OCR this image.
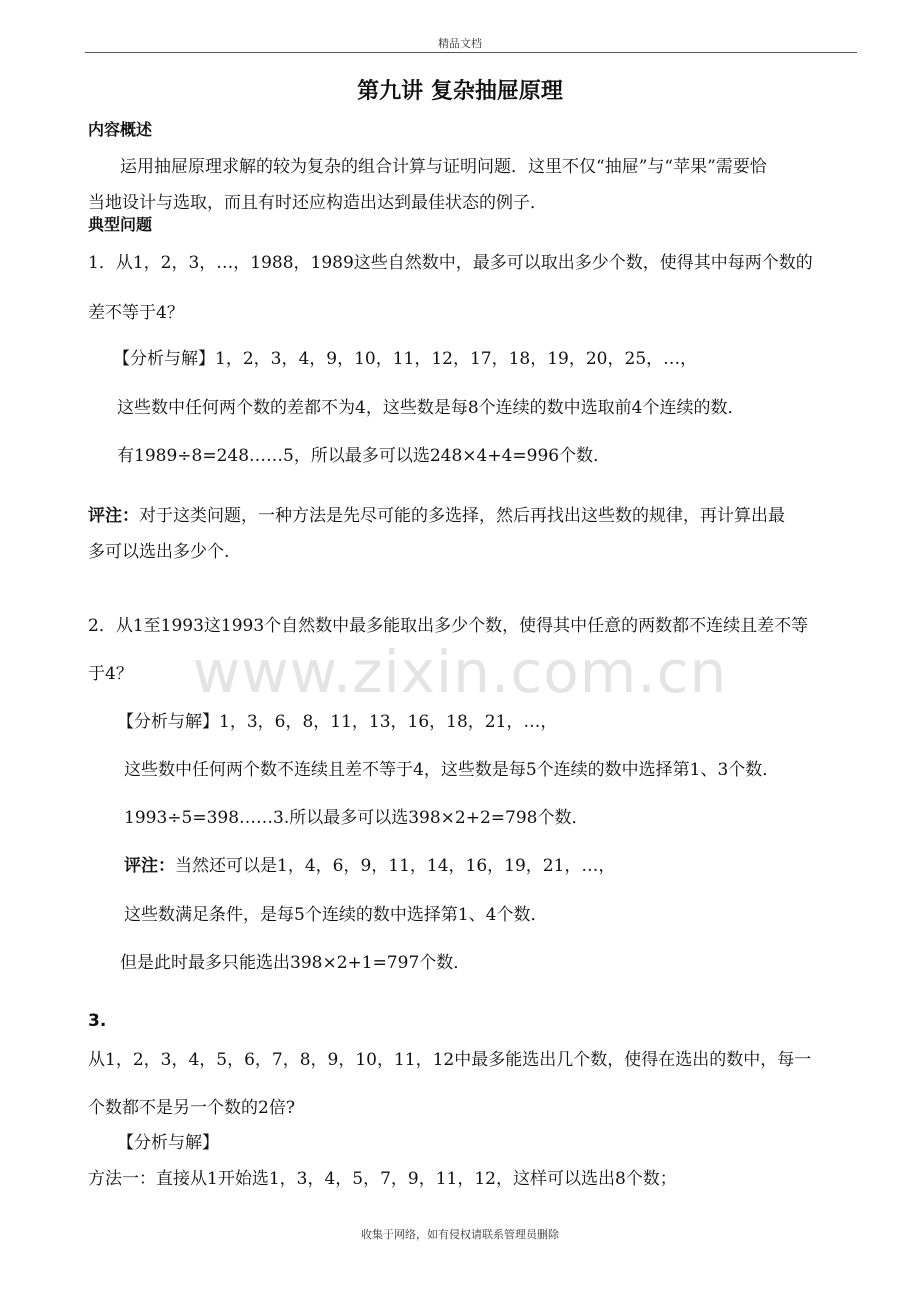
精品文档
www.zixin.com.cn
第九讲 复杂抽屉原理
内容概述
运用抽屉原理求解的较为复杂的组合计算与证明问题．这里不仅“抽屉”与“苹果”需要恰
当地设计与选取，而且有时还应构造出达到最佳状态的例子．
典型问题
1．从1，2，3，…，1988，1989这些自然数中，最多可以取出多少个数，使得其中每两个数的
差不等于4？
【分析与解】1，2，3，4，9，10，11，12，17，18，19，20，25，…，
这些数中任何两个数的差都不为4，这些数是每8个连续的数中选取前4个连续的数．
有1989÷8=248……5，所以最多可以选248×4+4=996个数．
评注：对于这类问题，一种方法是先尽可能的多选择，然后再找出这些数的规律，再计算出最
多可以选出多少个.
2．从1至1993这1993个自然数中最多能取出多少个数，使得其中任意的两数都不连续且差不等
于4？
【分析与解】1，3，6，8，11，13，16，18，21，…，
这些数中任何两个数不连续且差不等于4，这些数是每5个连续的数中选择第1、3个数．
1993÷5=398……3.所以最多可以选398×2+2=798个数．
评注：当然还可以是1，4，6，9，11，14，16，19，21，…，
这些数满足条件，是每5个连续的数中选择第1、4个数．
但是此时最多只能选出398×2+1=797个数．
3.
从1，2，3，4，5，6，7，8，9，10，11，12中最多能选出几个数，使得在选出的数中，每一
个数都不是另一个数的2倍?
【分析与解】
方法一：直接从1开始选1，3，4，5，7，9，11，12，这样可以选出8个数；
收集于网络，如有侵权请联系管理员删除
